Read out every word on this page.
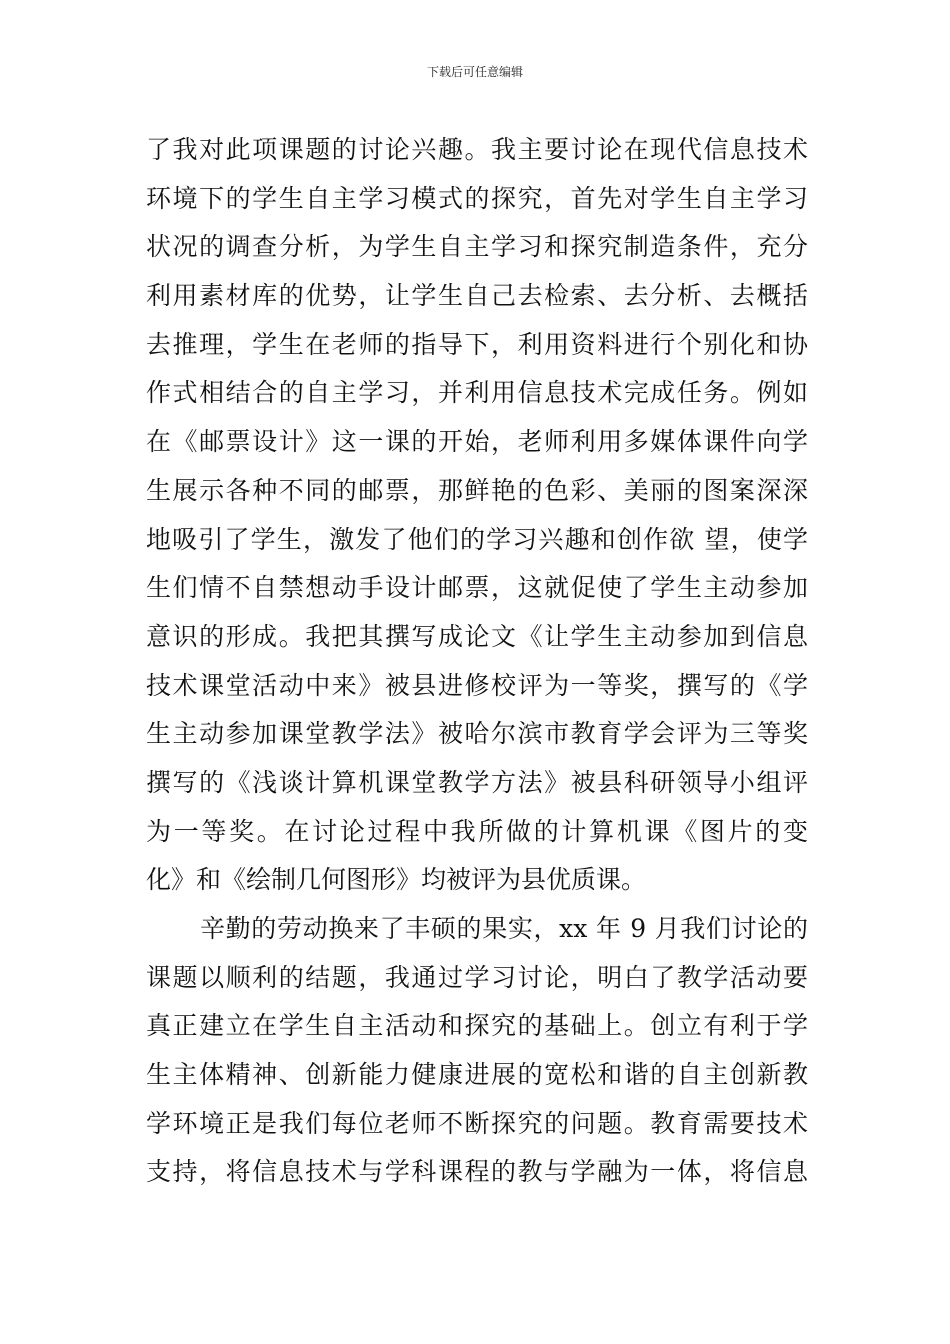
下载后可任意编辑
了我对此项课题的讨论兴趣。我主要讨论在现代信息技术
环境下的学生自主学习模式的探究，首先对学生自主学习
状况的调查分析，为学生自主学习和探究制造条件，充分
利用素材库的优势，让学生自己去检索、去分析、去概括
去推理，学生在老师的指导下，利用资料进行个别化和协
作式相结合的自主学习，并利用信息技术完成任务。例如
在《邮票设计》这一课的开始，老师利用多媒体课件向学
生展示各种不同的邮票，那鲜艳的色彩、美丽的图案深深
地吸引了学生，激发了他们的学习兴趣和创作欲 望，使学
生们情不自禁想动手设计邮票，这就促使了学生主动参加
意识的形成。我把其撰写成论文《让学生主动参加到信息
技术课堂活动中来》被县进修校评为一等奖，撰写的《学
生主动参加课堂教学法》被哈尔滨市教育学会评为三等奖
撰写的《浅谈计算机课堂教学方法》被县科研领导小组评
为一等奖。在讨论过程中我所做的计算机课《图片的变
化》和《绘制几何图形》均被评为县优质课。
辛勤的劳动换来了丰硕的果实，xx 年 9 月我们讨论的
课题以顺利的结题，我通过学习讨论，明白了教学活动要
真正建立在学生自主活动和探究的基础上。创立有利于学
生主体精神、创新能力健康进展的宽松和谐的自主创新教
学环境正是我们每位老师不断探究的问题。教育需要技术
支持，将信息技术与学科课程的教与学融为一体，将信息
